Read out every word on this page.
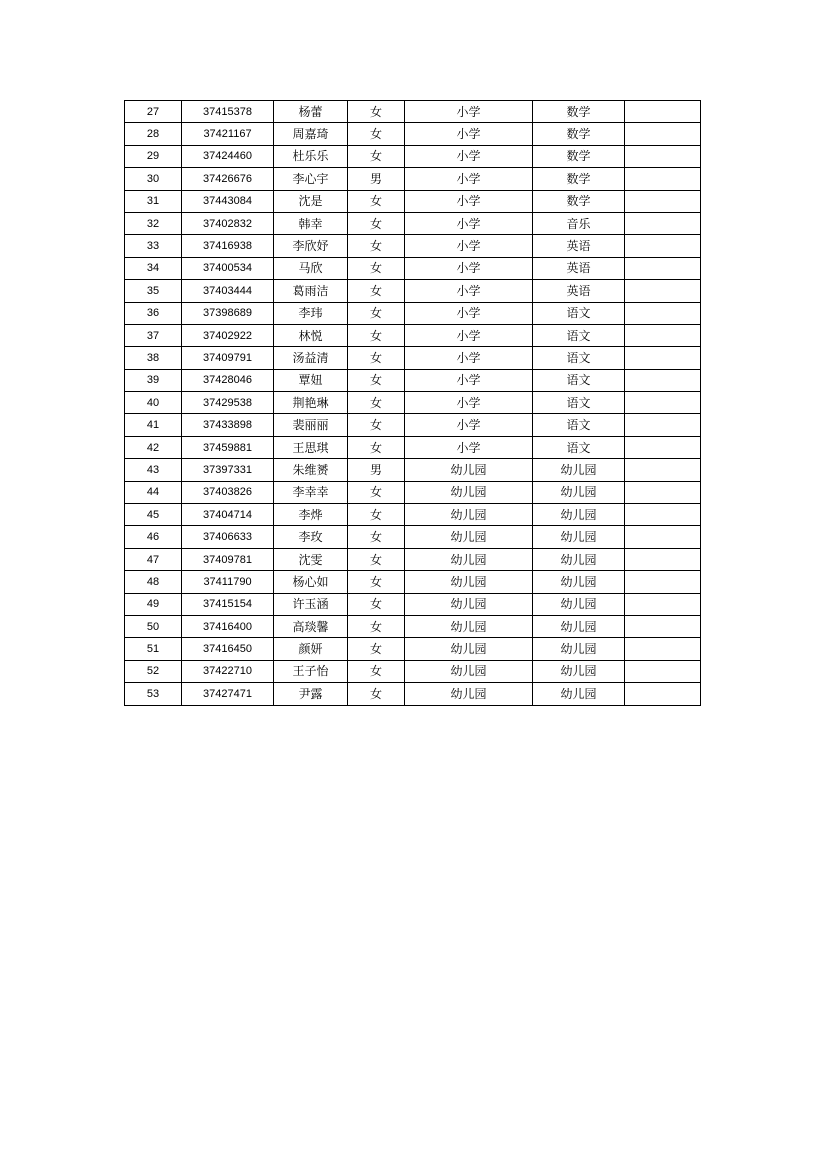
27	37415378	杨蕾	女	小学	数学	
28	37421167	周嘉琦	女	小学	数学	
29	37424460	杜乐乐	女	小学	数学	
30	37426676	李心宇	男	小学	数学	
31	37443084	沈是	女	小学	数学	
32	37402832	韩幸	女	小学	音乐	
33	37416938	李欣妤	女	小学	英语	
34	37400534	马欣	女	小学	英语	
35	37403444	葛雨洁	女	小学	英语	
36	37398689	李玮	女	小学	语文	
37	37402922	林悦	女	小学	语文	
38	37409791	汤益清	女	小学	语文	
39	37428046	覃妞	女	小学	语文	
40	37429538	荆艳琳	女	小学	语文	
41	37433898	裴丽丽	女	小学	语文	
42	37459881	王思琪	女	小学	语文	
43	37397331	朱维赟	男	幼儿园	幼儿园	
44	37403826	李幸幸	女	幼儿园	幼儿园	
45	37404714	李烨	女	幼儿园	幼儿园	
46	37406633	李玫	女	幼儿园	幼儿园	
47	37409781	沈雯	女	幼儿园	幼儿园	
48	37411790	杨心如	女	幼儿园	幼儿园	
49	37415154	许玉涵	女	幼儿园	幼儿园	
50	37416400	高琰馨	女	幼儿园	幼儿园	
51	37416450	颜妍	女	幼儿园	幼儿园	
52	37422710	王子怡	女	幼儿园	幼儿园	
53	37427471	尹露	女	幼儿园	幼儿园	
